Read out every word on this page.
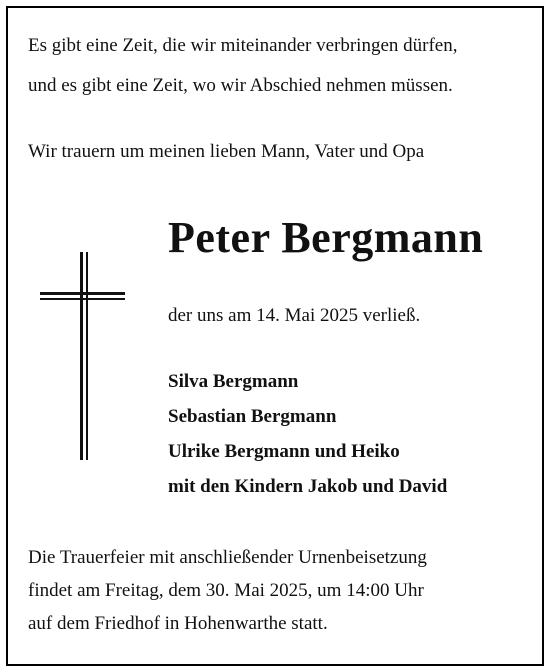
Es gibt eine Zeit, die wir miteinander verbringen dürfen,
und es gibt eine Zeit, wo wir Abschied nehmen müssen.
Wir trauern um meinen lieben Mann, Vater und Opa
Peter Bergmann
der uns am 14. Mai 2025 verließ.
Silva Bergmann
Sebastian Bergmann
Ulrike Bergmann und Heiko
mit den Kindern Jakob und David
Die Trauerfeier mit anschließender Urnenbeisetzung
findet am Freitag, dem 30. Mai 2025, um 14:00 Uhr
auf dem Friedhof in Hohenwarthe statt.
